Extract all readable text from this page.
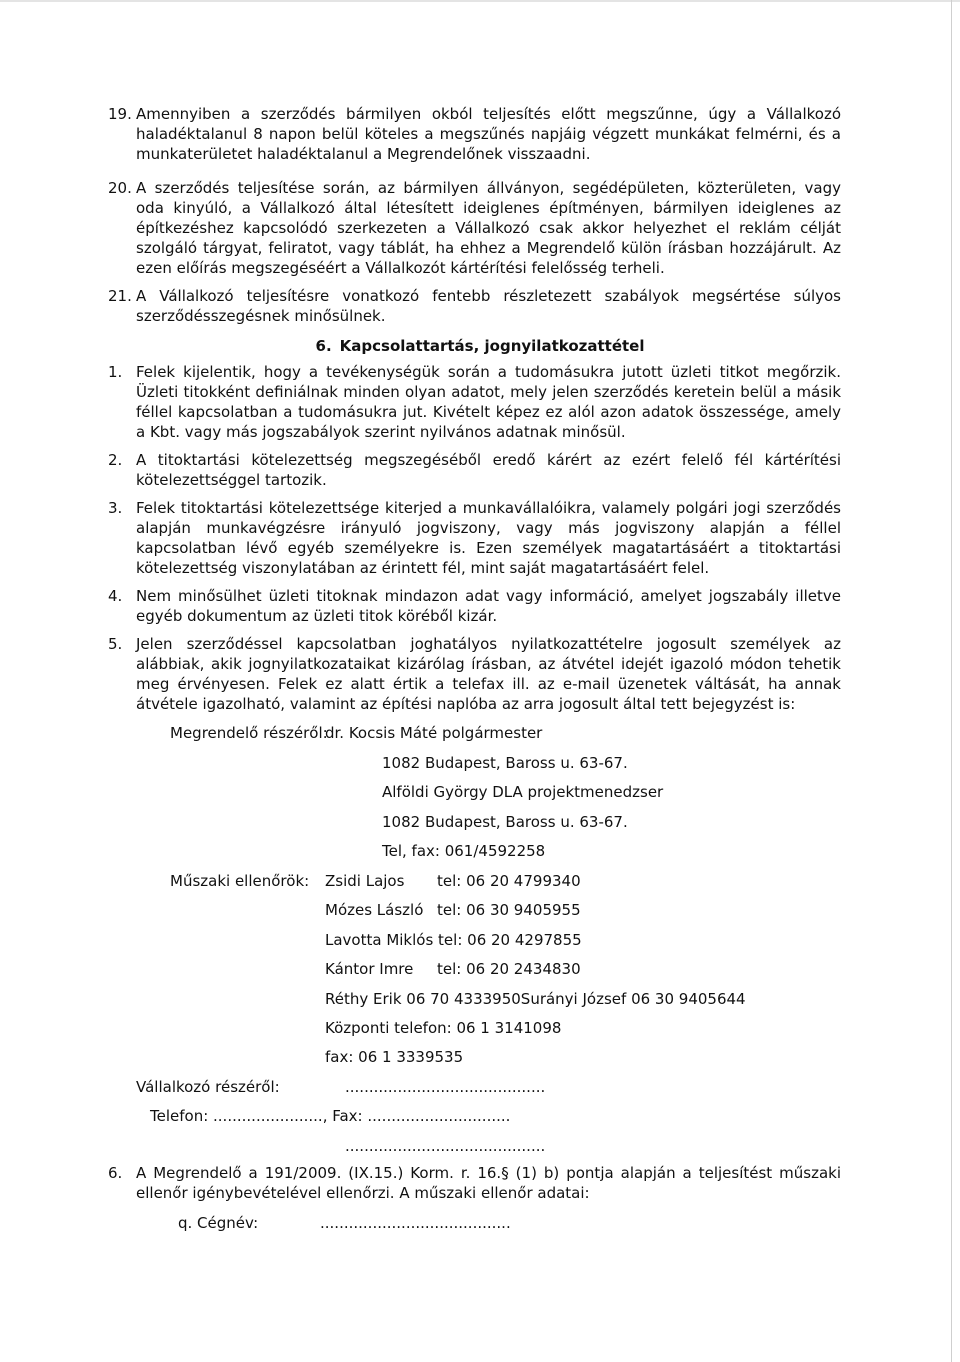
19. Amennyiben a szerződés bármilyen okból teljesítés előtt megszűnne, úgy a Vállalkozó haladéktalanul 8 napon belül köteles a megszűnés napjáig végzett munkákat felmérni, és a munkaterületet haladéktalanul a Megrendelőnek visszaadni.
20. A szerződés teljesítése során, az bármilyen állványon, segédépületen, közterületen, vagy oda kinyúló, a Vállalkozó által létesített ideiglenes építményen, bármilyen ideiglenes az építkezéshez kapcsolódó szerkezeten a Vállalkozó csak akkor helyezhet el reklám célját szolgáló tárgyat, feliratot, vagy táblát, ha ehhez a Megrendelő külön írásban hozzájárult. Az ezen előírás megszegéséért a Vállalkozót kártérítési felelősség terheli.
21. A Vállalkozó teljesítésre vonatkozó fentebb részletezett szabályok megsértése súlyos szerződésszegésnek minősülnek.
6. Kapcsolattartás, jognyilatkozattétel
1. Felek kijelentik, hogy a tevékenységük során a tudomásukra jutott üzleti titkot megőrzik. Üzleti titokként definiálnak minden olyan adatot, mely jelen szerződés keretein belül a másik féllel kapcsolatban a tudomásukra jut. Kivételt képez ez alól azon adatok összessége, amely a Kbt. vagy más jogszabályok szerint nyilvános adatnak minősül.
2. A titoktartási kötelezettség megszegéséből eredő kárért az ezért felelő fél kártérítési kötelezettséggel tartozik.
3. Felek titoktartási kötelezettsége kiterjed a munkavállalóikra, valamely polgári jogi szerződés alapján munkavégzésre irányuló jogviszony, vagy más jogviszony alapján a féllel kapcsolatban lévő egyéb személyekre is. Ezen személyek magatartásáért a titoktartási kötelezettség viszonylatában az érintett fél, mint saját magatartásáért felel.
4. Nem minősülhet üzleti titoknak mindazon adat vagy információ, amelyet jogszabály illetve egyéb dokumentum az üzleti titok köréből kizár.
5. Jelen szerződéssel kapcsolatban joghatályos nyilatkozattételre jogosult személyek az alábbiak, akik jognyilatkozataikat kizárólag írásban, az átvétel idejét igazoló módon tehetik meg érvényesen. Felek ez alatt értik a telefax ill. az e-mail üzenetek váltását, ha annak átvétele igazolható, valamint az építési naplóba az arra jogosult által tett bejegyzést is:
Megrendelő részéről:
dr. Kocsis Máté polgármester
1082 Budapest, Baross u. 63-67.
Alföldi György DLA projektmenedzser
1082 Budapest, Baross u. 63-67.
Tel, fax: 061/4592258
Műszaki ellenőrök: Zsidi Lajos tel: 06 20 4799340
Mózes László tel: 06 30 9405955
Lavotta Miklós tel: 06 20 4297855
Kántor Imre tel: 06 20 2434830
Réthy Erik 06 70 4333950Surányi József 06 30 9405644
Központi telefon: 06 1 3141098
fax: 06 1 3339535
Vállalkozó részéről:	..........................................
Telefon: ......................., Fax: ..............................
..........................................
6. A Megrendelő a 191/2009. (IX.15.) Korm. r. 16.§ (1) b) pontja alapján a teljesítést műszaki ellenőr igénybevételével ellenőrzi. A műszaki ellenőr adatai:
q. Cégnév:	........................................
